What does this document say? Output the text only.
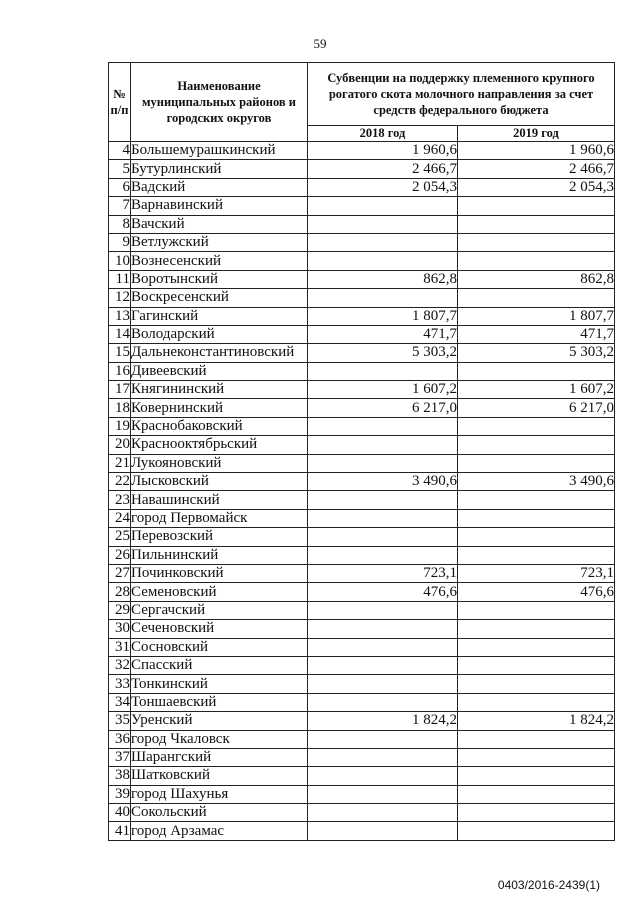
59
№ п/п	Наименование муниципальных районов и городских округов	Субвенции на поддержку племенного крупного рогатого скота молочного направления за счет средств федерального бюджета	
		2018 год	2019 год
4	Большемурашкинский	1 960,6	1 960,6
5	Бутурлинский	2 466,7	2 466,7
6	Вадский	2 054,3	2 054,3
7	Варнавинский		
8	Вачский		
9	Ветлужский		
10	Вознесенский		
11	Воротынский	862,8	862,8
12	Воскресенский		
13	Гагинский	1 807,7	1 807,7
14	Володарский	471,7	471,7
15	Дальнеконстантиновский	5 303,2	5 303,2
16	Дивеевский		
17	Княгининский	1 607,2	1 607,2
18	Ковернинский	6 217,0	6 217,0
19	Краснобаковский		
20	Краснооктябрьский		
21	Лукояновский		
22	Лысковский	3 490,6	3 490,6
23	Навашинский		
24	город Первомайск		
25	Перевозский		
26	Пильнинский		
27	Починковский	723,1	723,1
28	Семеновский	476,6	476,6
29	Сергачский		
30	Сеченовский		
31	Сосновский		
32	Спасский		
33	Тонкинский		
34	Тоншаевский		
35	Уренский	1 824,2	1 824,2
36	город Чкаловск		
37	Шарангский		
38	Шатковский		
39	город Шахунья		
40	Сокольский		
41	город Арзамас		
0403/2016-2439(1)
